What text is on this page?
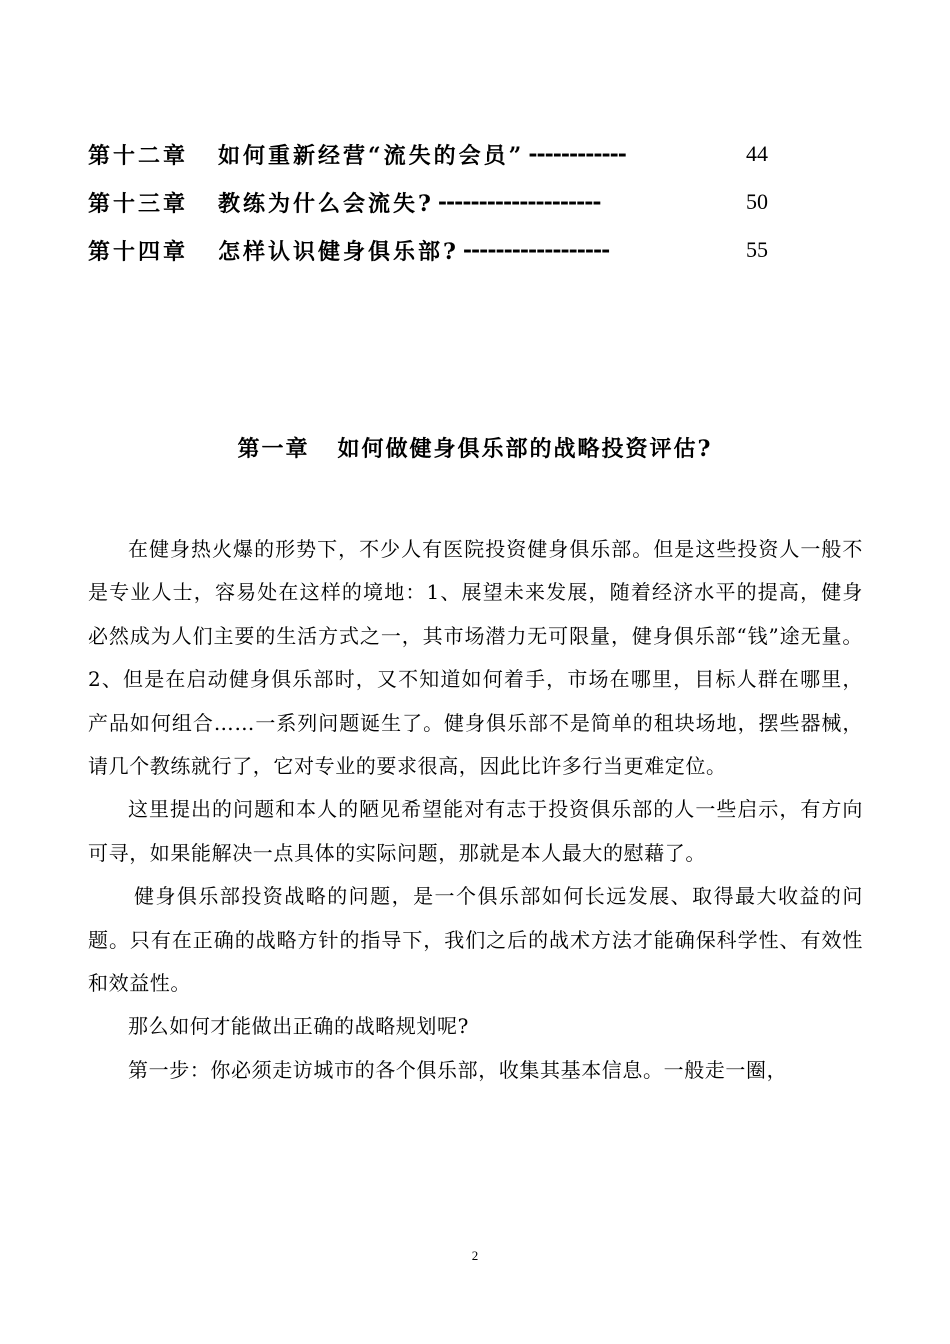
第十二章 如何重新经营“流失的会员” ------------	44
第十三章 教练为什么会流失? --------------------	50
第十四章 怎样认识健身俱乐部? ------------------	55
第一章 如何做健身俱乐部的战略投资评估?

在健身热火爆的形势下，不少人有医院投资健身俱乐部。但是这些投资人一般不是专业人士，容易处在这样的境地：1、展望未来发展，随着经济水平的提高，健身必然成为人们主要的生活方式之一，其市场潜力无可限量，健身俱乐部“钱”途无量。2、但是在启动健身俱乐部时，又不知道如何着手，市场在哪里，目标人群在哪里，产品如何组合……一系列问题诞生了。健身俱乐部不是简单的租块场地，摆些器械，请几个教练就行了，它对专业的要求很高，因此比许多行当更难定位。

这里提出的问题和本人的陋见希望能对有志于投资俱乐部的人一些启示，有方向可寻，如果能解决一点具体的实际问题，那就是本人最大的慰藉了。

健身俱乐部投资战略的问题，是一个俱乐部如何长远发展、取得最大收益的问题。只有在正确的战略方针的指导下，我们之后的战术方法才能确保科学性、有效性和效益性。

那么如何才能做出正确的战略规划呢?

第一步：你必须走访城市的各个俱乐部，收集其基本信息。一般走一圈，

2
